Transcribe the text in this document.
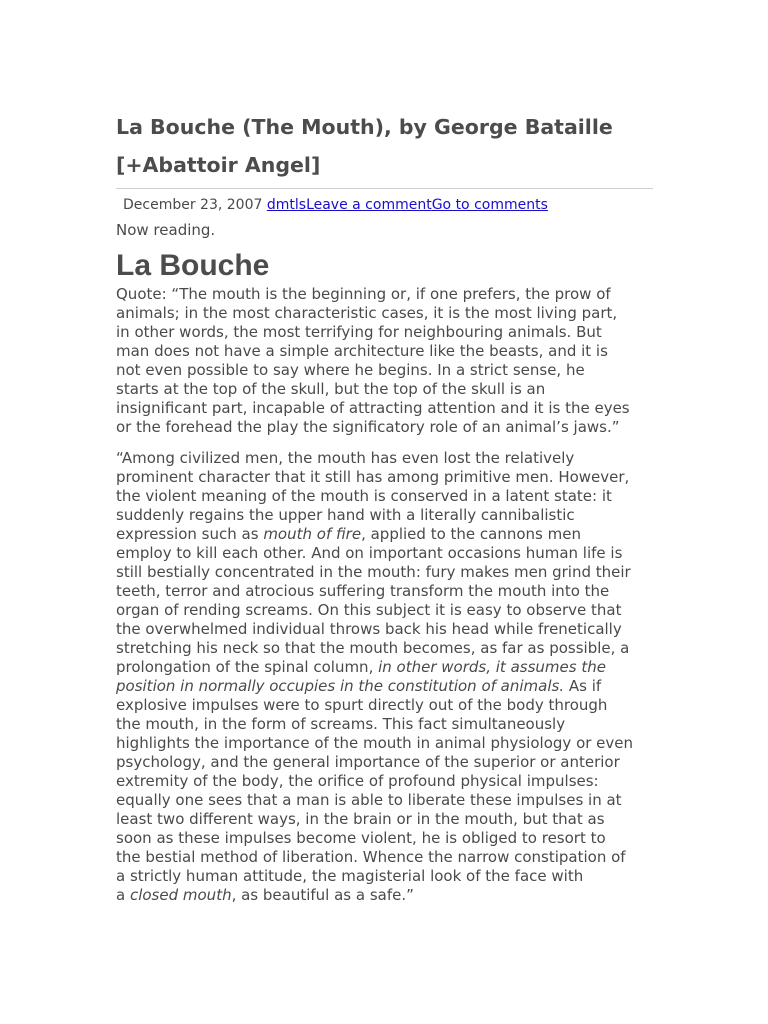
La Bouche (The Mouth), by George Bataille [+Abattoir Angel]
December 23, 2007 dmtlsLeave a commentGo to comments
Now reading.
La Bouche

Quote: “The mouth is the beginning or, if one prefers, the prow of
animals; in the most characteristic cases, it is the most living part,
in other words, the most terrifying for neighbouring animals. But
man does not have a simple architecture like the beasts, and it is
not even possible to say where he begins. In a strict sense, he
starts at the top of the skull, but the top of the skull is an
insignificant part, incapable of attracting attention and it is the eyes
or the forehead the play the significatory role of an animal’s jaws.”

“Among civilized men, the mouth has even lost the relatively
prominent character that it still has among primitive men. However,
the violent meaning of the mouth is conserved in a latent state: it
suddenly regains the upper hand with a literally cannibalistic
expression such as mouth of fire, applied to the cannons men
employ to kill each other. And on important occasions human life is
still bestially concentrated in the mouth: fury makes men grind their
teeth, terror and atrocious suffering transform the mouth into the
organ of rending screams. On this subject it is easy to observe that
the overwhelmed individual throws back his head while frenetically
stretching his neck so that the mouth becomes, as far as possible, a
prolongation of the spinal column, in other words, it assumes the
position in normally occupies in the constitution of animals. As if
explosive impulses were to spurt directly out of the body through
the mouth, in the form of screams. This fact simultaneously
highlights the importance of the mouth in animal physiology or even
psychology, and the general importance of the superior or anterior
extremity of the body, the orifice of profound physical impulses:
equally one sees that a man is able to liberate these impulses in at
least two different ways, in the brain or in the mouth, but that as
soon as these impulses become violent, he is obliged to resort to
the bestial method of liberation. Whence the narrow constipation of
a strictly human attitude, the magisterial look of the face with
a closed mouth, as beautiful as a safe.”
